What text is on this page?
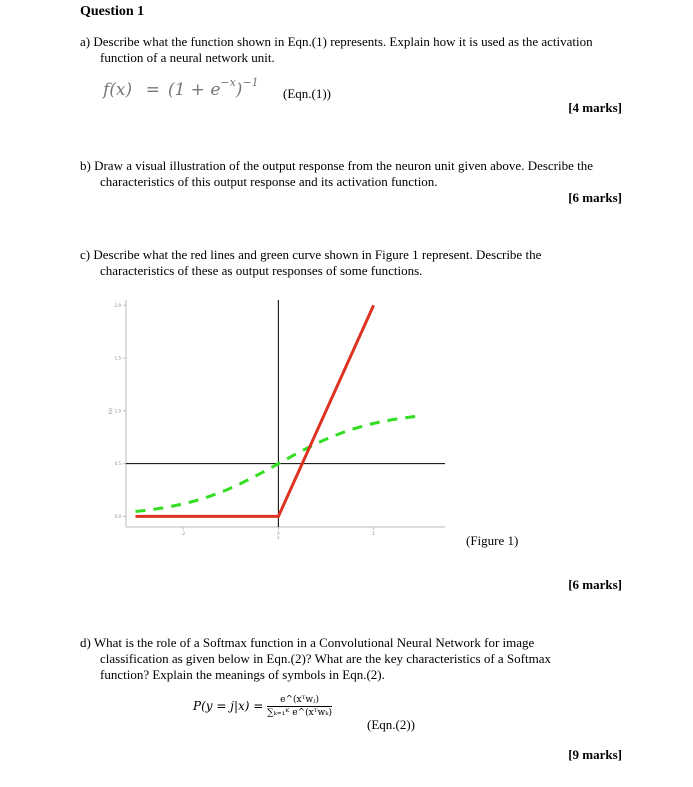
Question 1
a) Describe what the function shown in Eqn.(1) represents. Explain how it is used as the activation
function of a neural network unit.
$f(x) = (1 + e^{-x})^{-1}$
(Eqn.(1))
[4 marks]
b) Draw a visual illustration of the output response from the neuron unit given above. Describe the
characteristics of this output response and its activation function.
[6 marks]
c) Describe what the red lines and green curve shown in Figure 1 represent. Describe the
characteristics of these as output responses of some functions.
0.0
0.5
1.0
1.5
2.0
-2	0	2
z
f(z)
(Figure 1)
[6 marks]
d) What is the role of a Softmax function in a Convolutional Neural Network for image
classification as given below in Eqn.(2)? What are the key characteristics of a Softmax
function? Explain the meanings of symbols in Eqn.(2).
$P(y = j|x) = \frac{\text{e\textasciicircum{}(xᵀwⱼ)}}{\text{∑ₖ₌₁ᴷ e\textasciicircum{}(xᵀwₖ)}}$
(Eqn.(2))
[9 marks]
